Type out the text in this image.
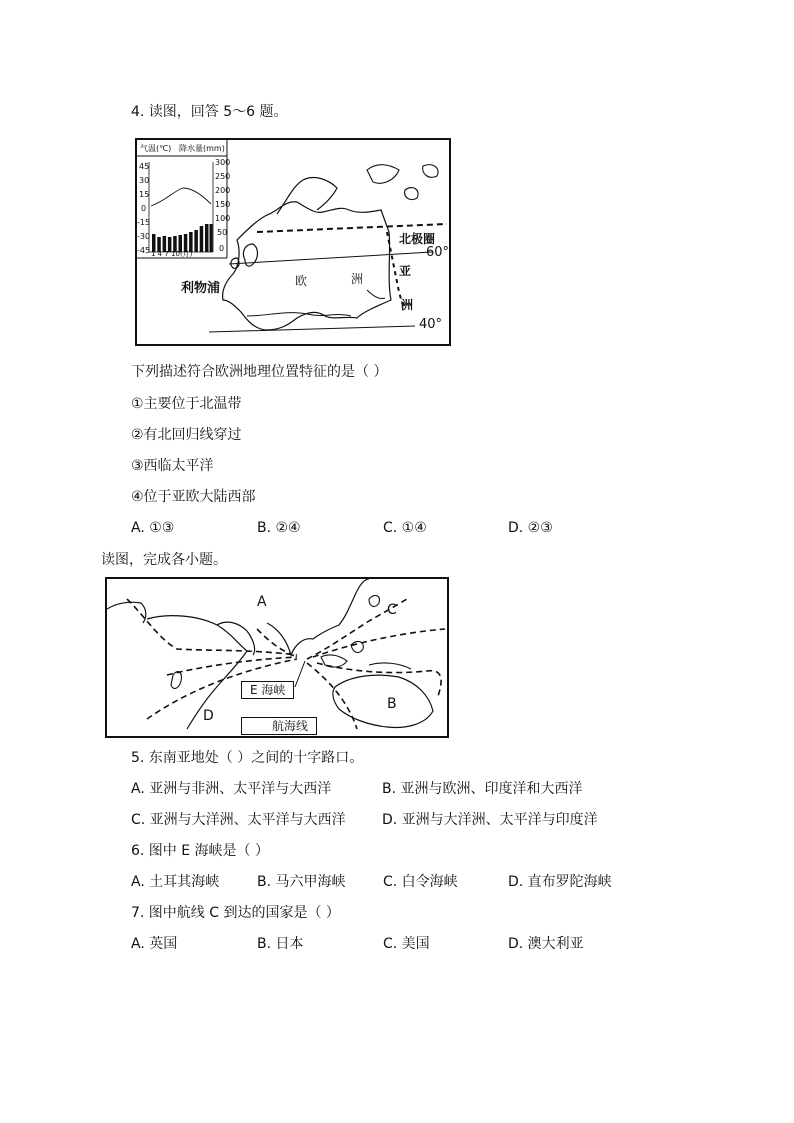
4. 读图，回答 5～6 题。
气温(℃) 降水量(mm)
45
30
15
0
-15
-30
-45
300
250
200
150
100
50
0
1 4 7 10(月)
利物浦	欧	洲
亚
洲
北极圈
60°
40°
下列描述符合欧洲地理位置特征的是（ ）
①主要位于北温带
②有北回归线穿过
③西临太平洋
④位于亚欧大陆西部
A. ①③	B. ②④	C. ①④	D. ②③
读图，完成各小题。
A
B
C
D
E 海峡
航海线
5. 东南亚地处（ ）之间的十字路口。
A. 亚洲与非洲、太平洋与大西洋	B. 亚洲与欧洲、印度洋和大西洋
C. 亚洲与大洋洲、太平洋与大西洋	D. 亚洲与大洋洲、太平洋与印度洋
6. 图中 E 海峡是（ ）
A. 土耳其海峡	B. 马六甲海峡	C. 白令海峡	D. 直布罗陀海峡
7. 图中航线 C 到达的国家是（ ）
A. 英国	B. 日本	C. 美国	D. 澳大利亚
